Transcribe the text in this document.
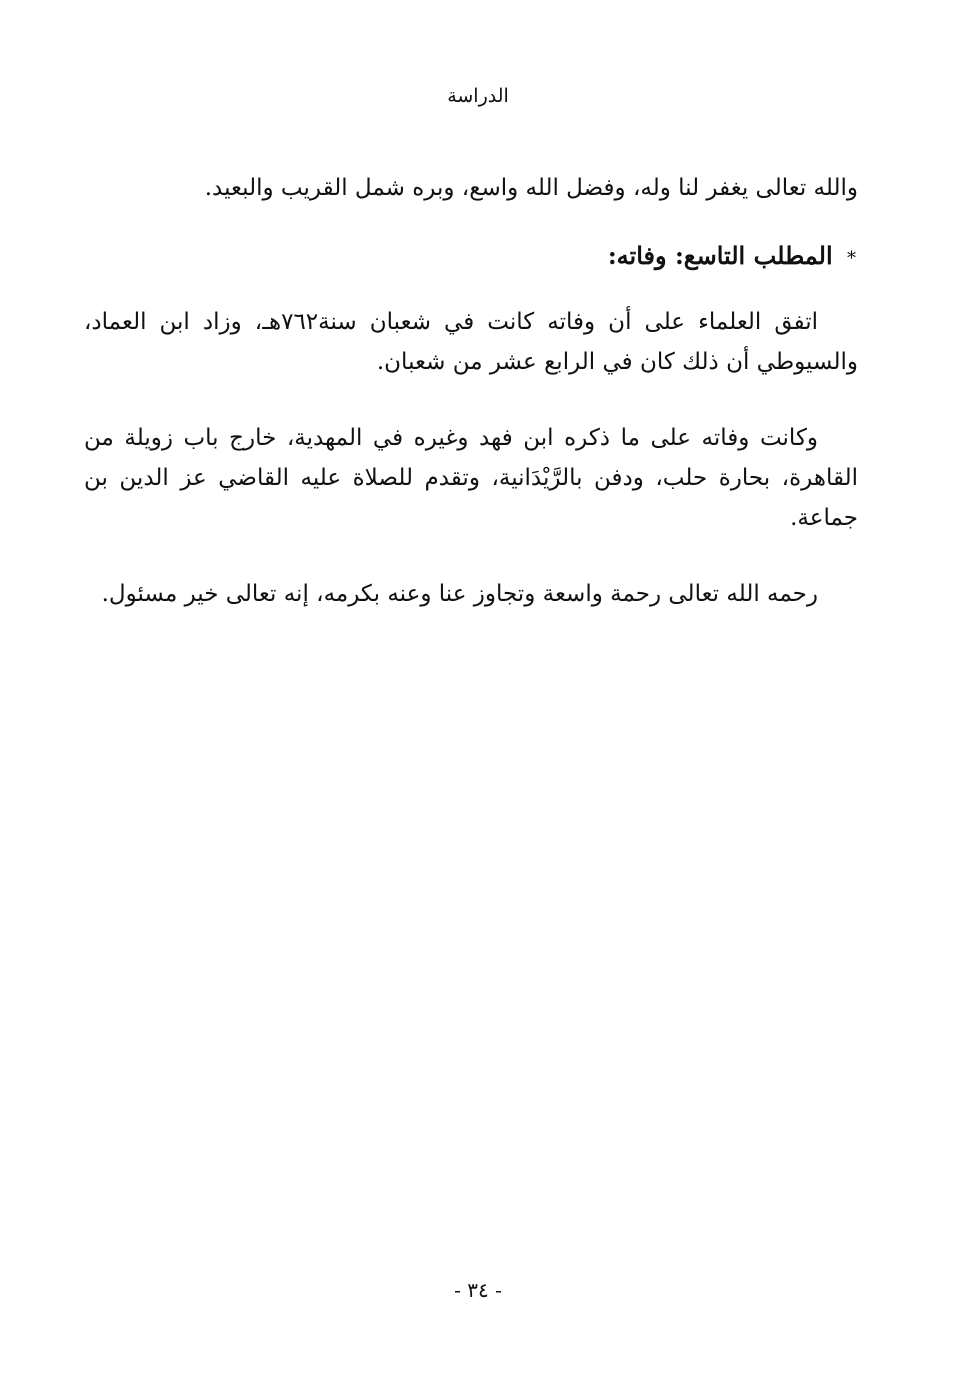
الدراسة

والله تعالى يغفر لنا وله، وفضل الله واسع، وبره شمل القريب والبعيد.

* المطلب التاسع: وفاته:

اتفق العلماء على أن وفاته كانت في شعبان سنة٧٦٢هـ، وزاد ابن العماد، والسيوطي أن ذلك كان في الرابع عشر من شعبان.

وكانت وفاته على ما ذكره ابن فهد وغيره في المهدية، خارج باب زويلة من القاهرة، بحارة حلب، ودفن بالرَّيْدَانية، وتقدم للصلاة عليه القاضي عز الدين بن جماعة.

رحمه الله تعالى رحمة واسعة وتجاوز عنا وعنه بكرمه، إنه تعالى خير مسئول.

- ٣٤ -
